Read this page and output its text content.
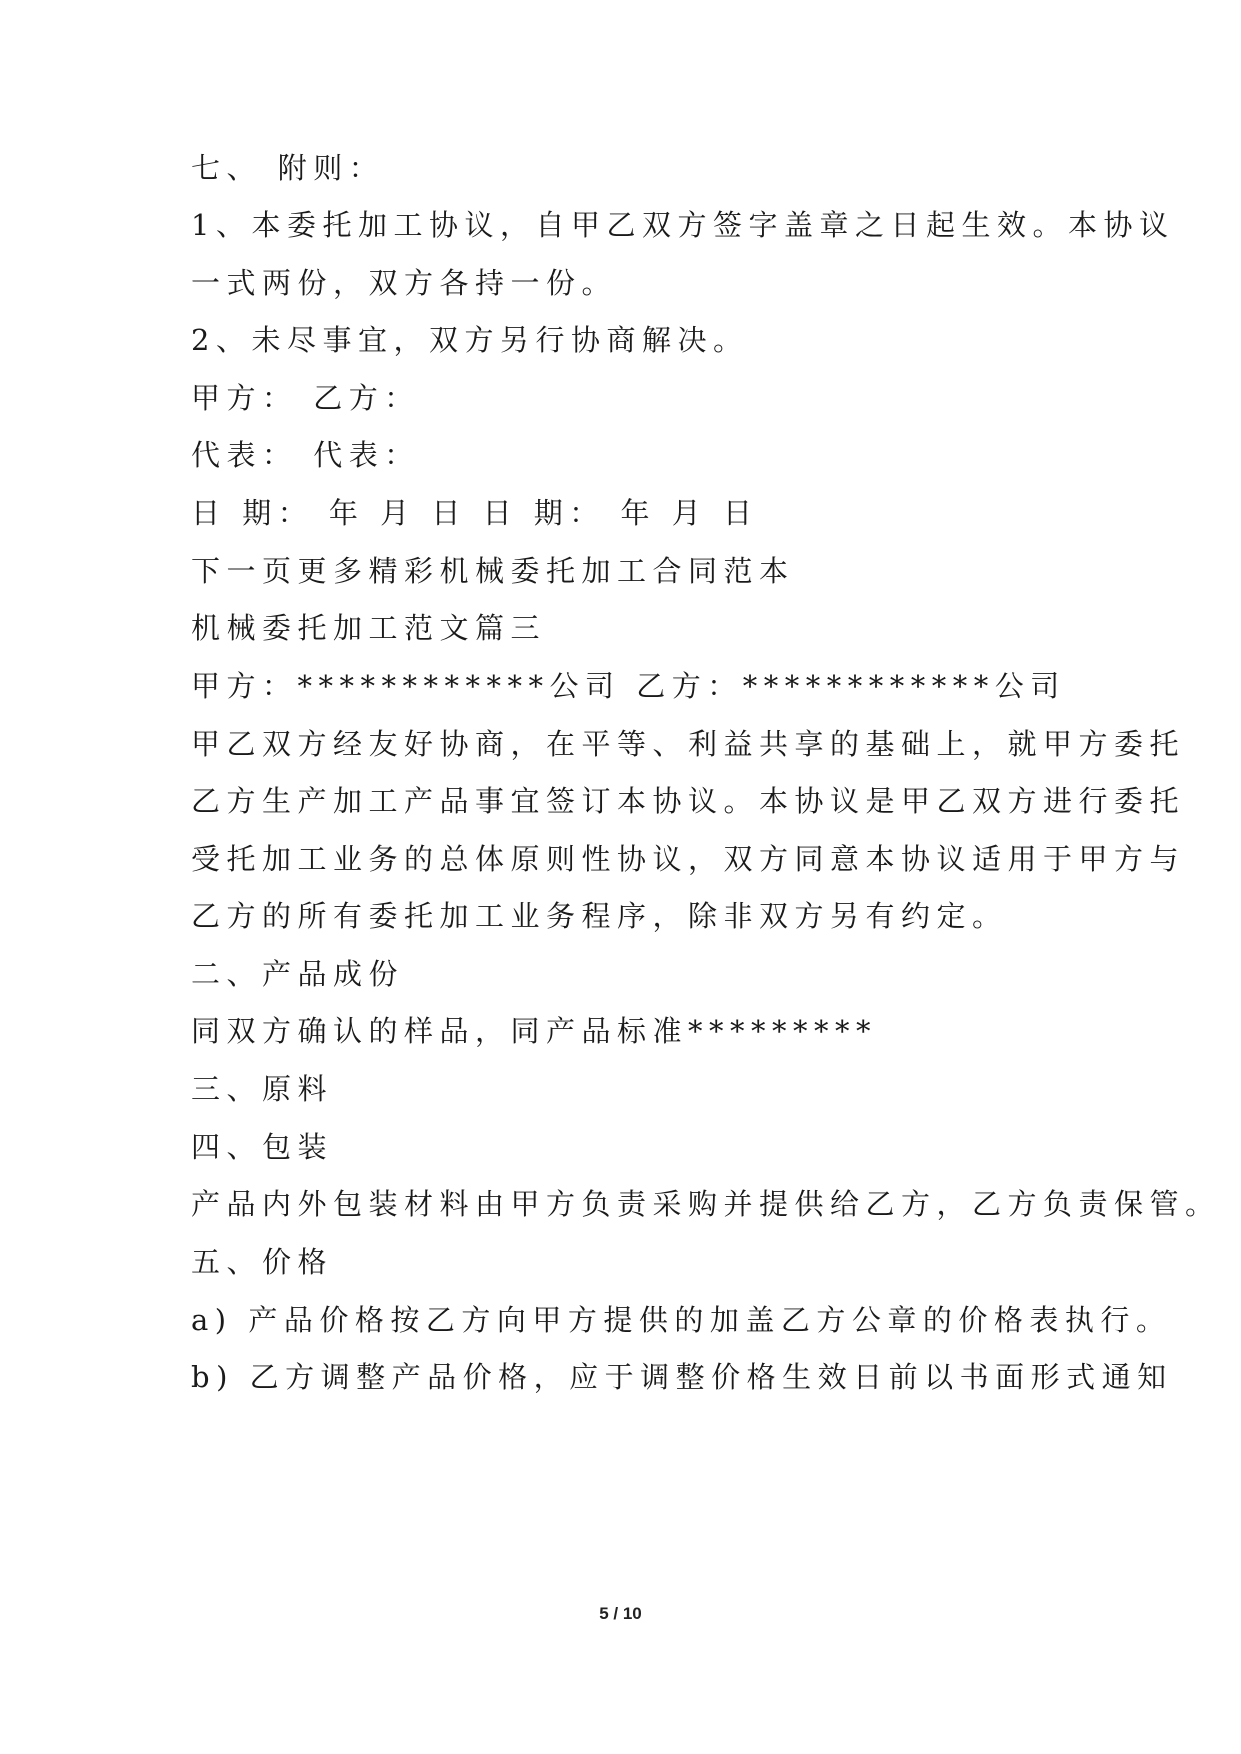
七、 附则：
1、本委托加工协议，自甲乙双方签字盖章之日起生效。本协议
一式两份，双方各持一份。
2、未尽事宜，双方另行协商解决。
甲方： 乙方：
代表： 代表：
日 期： 年 月 日 日 期： 年 月 日
下一页更多精彩机械委托加工合同范本
机械委托加工范文篇三
甲方：************公司 乙方：************公司
甲乙双方经友好协商，在平等、利益共享的基础上，就甲方委托
乙方生产加工产品事宜签订本协议。本协议是甲乙双方进行委托
受托加工业务的总体原则性协议，双方同意本协议适用于甲方与
乙方的所有委托加工业务程序，除非双方另有约定。
二、产品成份
同双方确认的样品，同产品标准*********
三、原料
四、包装
产品内外包装材料由甲方负责采购并提供给乙方，乙方负责保管。
五、价格
a) 产品价格按乙方向甲方提供的加盖乙方公章的价格表执行。
b) 乙方调整产品价格，应于调整价格生效日前以书面形式通知
5 / 10
